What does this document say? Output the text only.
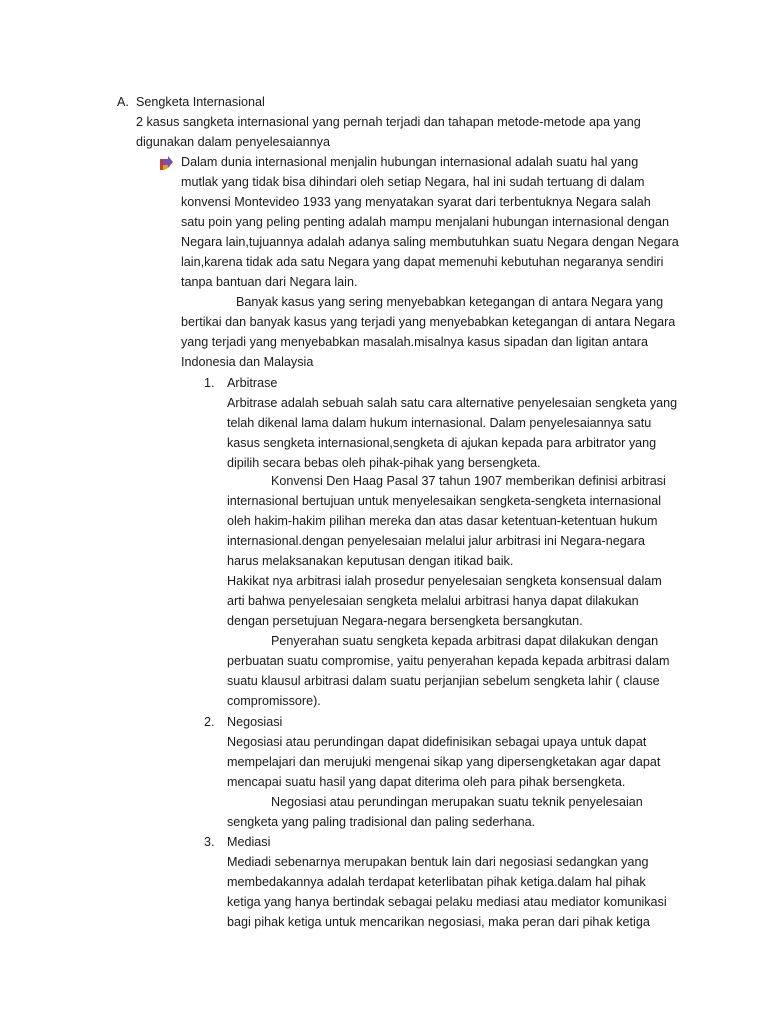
A. Sengketa Internasional
2 kasus sangketa internasional yang pernah terjadi dan tahapan metode-metode apa yang
digunakan dalam penyelesaiannya
Dalam dunia internasional menjalin hubungan internasional adalah suatu hal yang
mutlak yang tidak bisa dihindari oleh setiap Negara, hal ini sudah tertuang di dalam
konvensi Montevideo 1933 yang menyatakan syarat dari terbentuknya Negara salah
satu poin yang peling penting adalah mampu menjalani hubungan internasional dengan
Negara lain,tujuannya adalah adanya saling membutuhkan suatu Negara dengan Negara
lain,karena tidak ada satu Negara yang dapat memenuhi kebutuhan negaranya sendiri
tanpa bantuan dari Negara lain.
Banyak kasus yang sering menyebabkan ketegangan di antara Negara yang
bertikai dan banyak kasus yang terjadi yang menyebabkan ketegangan di antara Negara
yang terjadi yang menyebabkan masalah.misalnya kasus sipadan dan ligitan antara
Indonesia dan Malaysia
1. Arbitrase
Arbitrase adalah sebuah salah satu cara alternative penyelesaian sengketa yang
telah dikenal lama dalam hukum internasional. Dalam penyelesaiannya satu
kasus sengketa internasional,sengketa di ajukan kepada para arbitrator yang
dipilih secara bebas oleh pihak-pihak yang bersengketa.
Konvensi Den Haag Pasal 37 tahun 1907 memberikan definisi arbitrasi
internasional bertujuan untuk menyelesaikan sengketa-sengketa internasional
oleh hakim-hakim pilihan mereka dan atas dasar ketentuan-ketentuan hukum
internasional.dengan penyelesaian melalui jalur arbitrasi ini Negara-negara
harus melaksanakan keputusan dengan itikad baik.
Hakikat nya arbitrasi ialah prosedur penyelesaian sengketa konsensual dalam
arti bahwa penyelesaian sengketa melalui arbitrasi hanya dapat dilakukan
dengan persetujuan Negara-negara bersengketa bersangkutan.
Penyerahan suatu sengketa kepada arbitrasi dapat dilakukan dengan
perbuatan suatu compromise, yaitu penyerahan kepada kepada arbitrasi dalam
suatu klausul arbitrasi dalam suatu perjanjian sebelum sengketa lahir ( clause
compromissore).
2. Negosiasi
Negosiasi atau perundingan dapat didefinisikan sebagai upaya untuk dapat
mempelajari dan merujuki mengenai sikap yang dipersengketakan agar dapat
mencapai suatu hasil yang dapat diterima oleh para pihak bersengketa.
Negosiasi atau perundingan merupakan suatu teknik penyelesaian
sengketa yang paling tradisional dan paling sederhana.
3. Mediasi
Mediadi sebenarnya merupakan bentuk lain dari negosiasi sedangkan yang
membedakannya adalah terdapat keterlibatan pihak ketiga.dalam hal pihak
ketiga yang hanya bertindak sebagai pelaku mediasi atau mediator komunikasi
bagi pihak ketiga untuk mencarikan negosiasi, maka peran dari pihak ketiga
